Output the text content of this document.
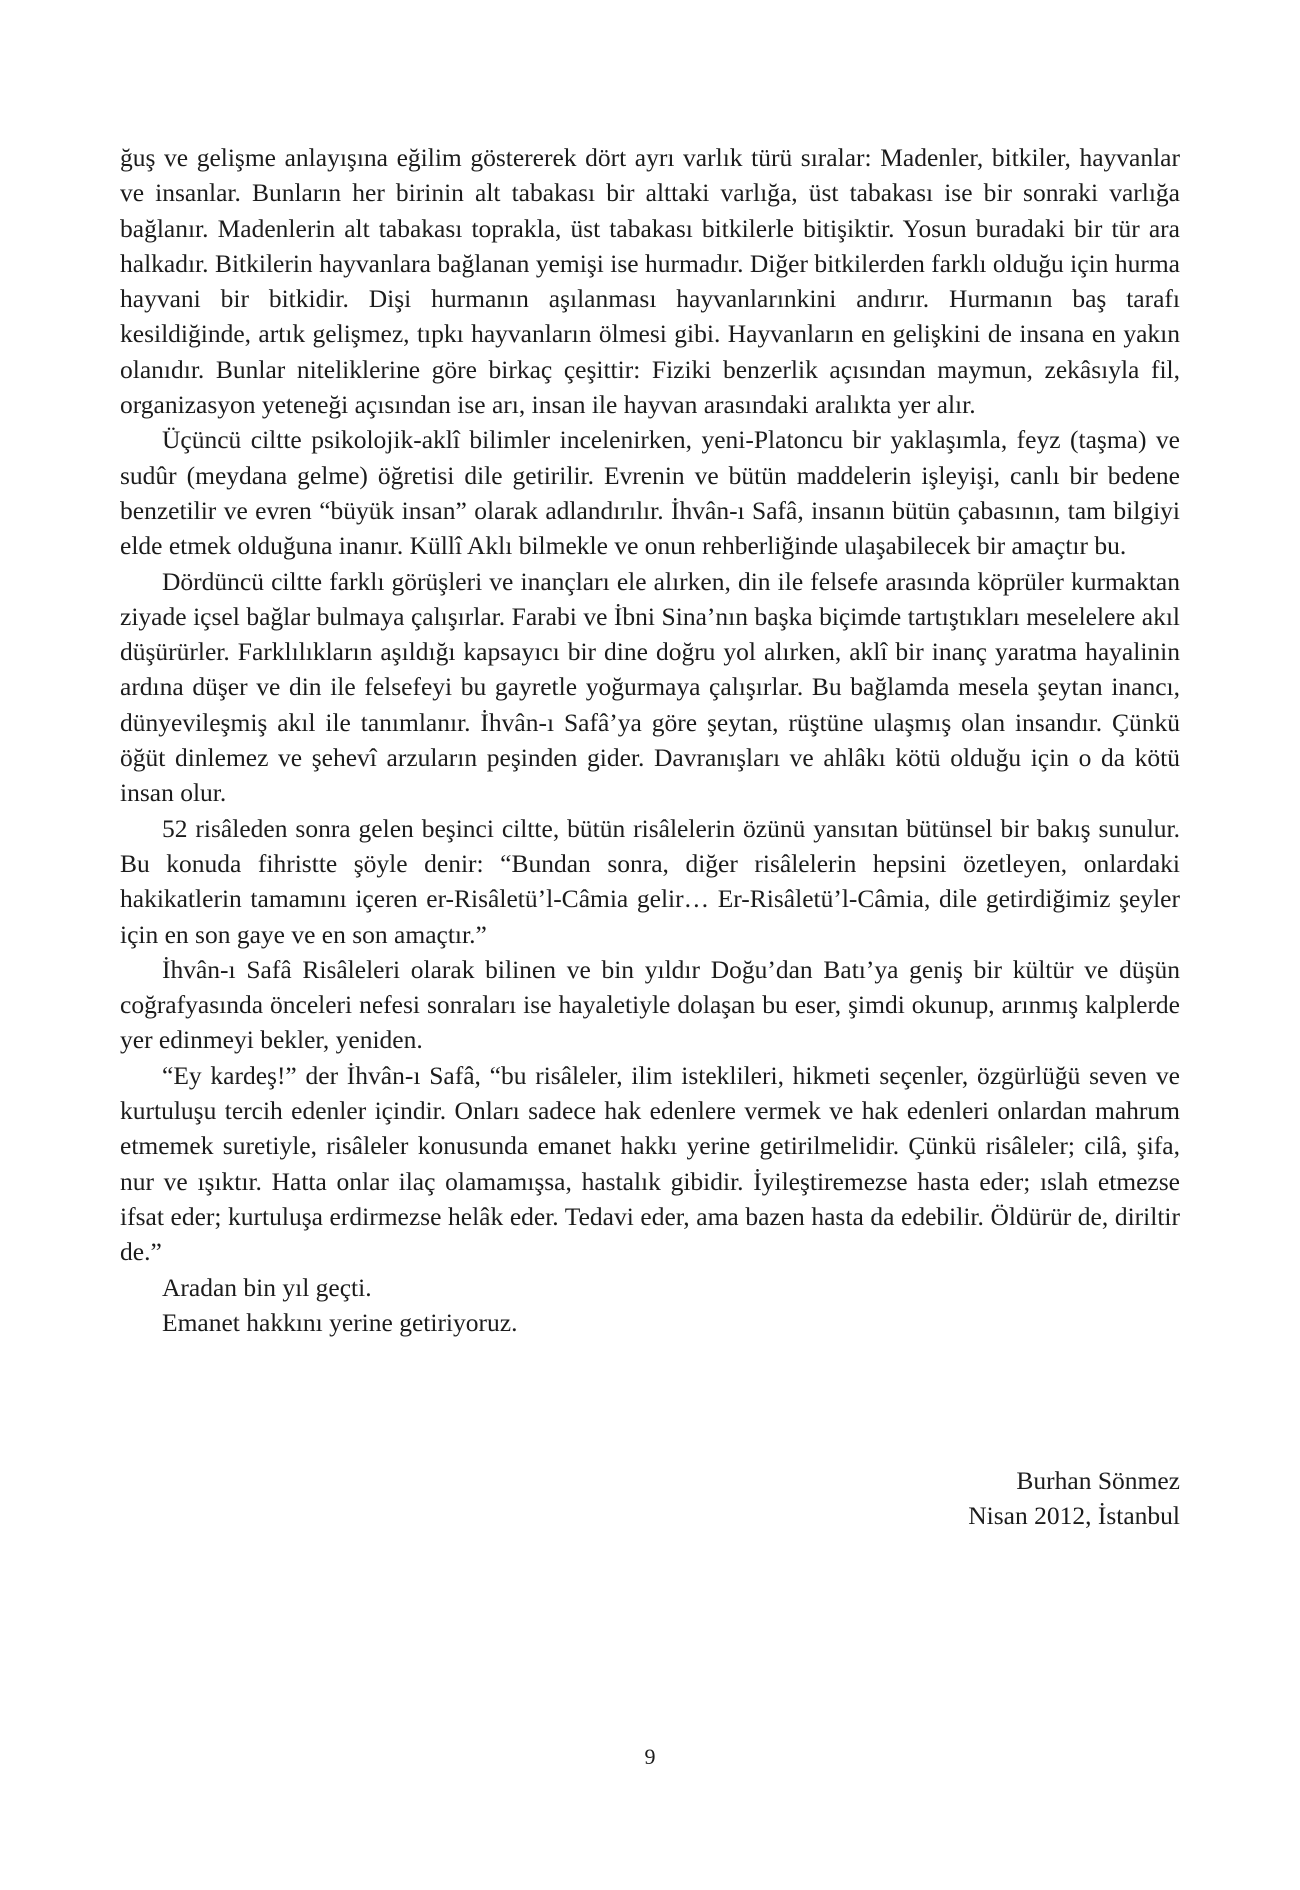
ğuş ve gelişme anlayışına eğilim göstererek dört ayrı varlık türü sıralar: Madenler, bitkiler, hayvanlar ve insanlar. Bunların her birinin alt tabakası bir alttaki varlığa, üst tabakası ise bir sonraki varlığa bağlanır. Madenlerin alt tabakası toprakla, üst tabakası bitkilerle bitişiktir. Yosun buradaki bir tür ara halkadır. Bitkilerin hayvanlara bağlanan yemişi ise hurmadır. Diğer bitkilerden farklı olduğu için hurma hayvani bir bitkidir. Dişi hurmanın aşılanması hayvanlarınkini andırır. Hurmanın baş tarafı kesildiğinde, artık gelişmez, tıpkı hayvanların ölmesi gibi. Hayvanların en gelişkini de insana en yakın olanıdır. Bunlar niteliklerine göre birkaç çeşittir: Fiziki benzerlik açısından maymun, zekâsıyla fil, organizasyon yeteneği açısından ise arı, insan ile hayvan arasındaki aralıkta yer alır.

Üçüncü ciltte psikolojik-aklî bilimler incelenirken, yeni-Platoncu bir yaklaşımla, feyz (taşma) ve sudûr (meydana gelme) öğretisi dile getirilir. Evrenin ve bütün maddelerin işleyişi, canlı bir bedene benzetilir ve evren “büyük insan” olarak adlandırılır. İhvân-ı Safâ, insanın bütün çabasının, tam bilgiyi elde etmek olduğuna inanır. Küllî Aklı bilmekle ve onun rehberliğinde ulaşabilecek bir amaçtır bu.

Dördüncü ciltte farklı görüşleri ve inançları ele alırken, din ile felsefe arasında köprüler kurmaktan ziyade içsel bağlar bulmaya çalışırlar. Farabi ve İbni Sina’nın başka biçimde tartıştıkları meselelere akıl düşürürler. Farklılıkların aşıldığı kapsayıcı bir dine doğru yol alırken, aklî bir inanç yaratma hayalinin ardına düşer ve din ile felsefeyi bu gayretle yoğurmaya çalışırlar. Bu bağlamda mesela şeytan inancı, dünyevileşmiş akıl ile tanımlanır. İhvân-ı Safâ’ya göre şeytan, rüştüne ulaşmış olan insandır. Çünkü öğüt dinlemez ve şehevî arzuların peşinden gider. Davranışları ve ahlâkı kötü olduğu için o da kötü insan olur.

52 risâleden sonra gelen beşinci ciltte, bütün risâlelerin özünü yansıtan bütünsel bir bakış sunulur. Bu konuda fihristte şöyle denir: “Bundan sonra, diğer risâlelerin hepsini özetleyen, onlardaki hakikatlerin tamamını içeren er-Risâletü’l-Câmia gelir… Er-Risâletü’l-Câmia, dile getirdiğimiz şeyler için en son gaye ve en son amaçtır.”

İhvân-ı Safâ Risâleleri olarak bilinen ve bin yıldır Doğu’dan Batı’ya geniş bir kültür ve düşün coğrafyasında önceleri nefesi sonraları ise hayaletiyle dolaşan bu eser, şimdi okunup, arınmış kalplerde yer edinmeyi bekler, yeniden.

“Ey kardeş!” der İhvân-ı Safâ, “bu risâleler, ilim isteklileri, hikmeti seçenler, özgürlüğü seven ve kurtuluşu tercih edenler içindir. Onları sadece hak edenlere vermek ve hak edenleri onlardan mahrum etmemek suretiyle, risâleler konusunda emanet hakkı yerine getirilmelidir. Çünkü risâleler; cilâ, şifa, nur ve ışıktır. Hatta onlar ilaç olamamışsa, hastalık gibidir. İyileştiremezse hasta eder; ıslah etmezse ifsat eder; kurtuluşa erdirmezse helâk eder. Tedavi eder, ama bazen hasta da edebilir. Öldürür de, diriltir de.”

Aradan bin yıl geçti.

Emanet hakkını yerine getiriyoruz.

Burhan Sönmez
Nisan 2012, İstanbul
9
